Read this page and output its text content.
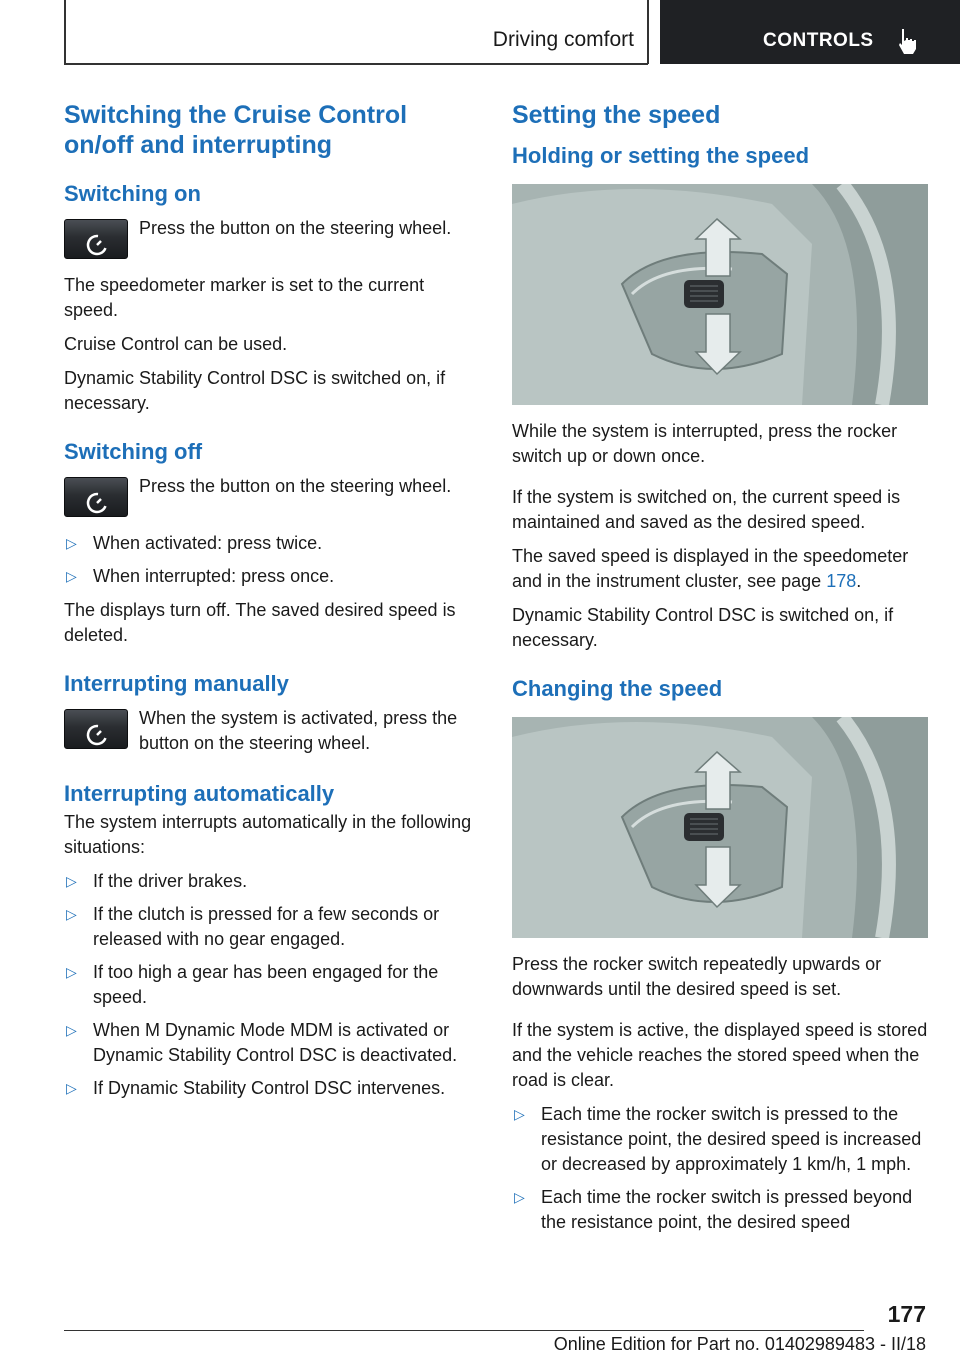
Driving comfort	CONTROLS
Switching the Cruise Control on/off and interrupting
Switching on
Press the button on the steering wheel.

The speedometer marker is set to the current speed.

Cruise Control can be used.

Dynamic Stability Control DSC is switched on, if necessary.

Switching off
Press the button on the steering wheel.
▷ When activated: press twice.
▷ When interrupted: press once.

The displays turn off. The saved desired speed is deleted.

Interrupting manually
When the system is activated, press the button on the steering wheel.
Interrupting automatically

The system interrupts automatically in the following situations:

▷ If the driver brakes.
▷ If the clutch is pressed for a few seconds or released with no gear engaged.
▷ If too high a gear has been engaged for the speed.
▷ When M Dynamic Mode MDM is activated or Dynamic Stability Control DSC is deactivated.
▷ If Dynamic Stability Control DSC intervenes.
Setting the speed
Holding or setting the speed

While the system is interrupted, press the rocker switch up or down once.

If the system is switched on, the current speed is maintained and saved as the desired speed.

The saved speed is displayed in the speedometer and in the instrument cluster, see page 178.

Dynamic Stability Control DSC is switched on, if necessary.

Changing the speed

Press the rocker switch repeatedly upwards or downwards until the desired speed is set.

If the system is active, the displayed speed is stored and the vehicle reaches the stored speed when the road is clear.

▷ Each time the rocker switch is pressed to the resistance point, the desired speed is increased or decreased by approximately 1 km/h, 1 mph.
▷ Each time the rocker switch is pressed beyond the resistance point, the desired speed
177
Online Edition for Part no. 01402989483 - II/18
